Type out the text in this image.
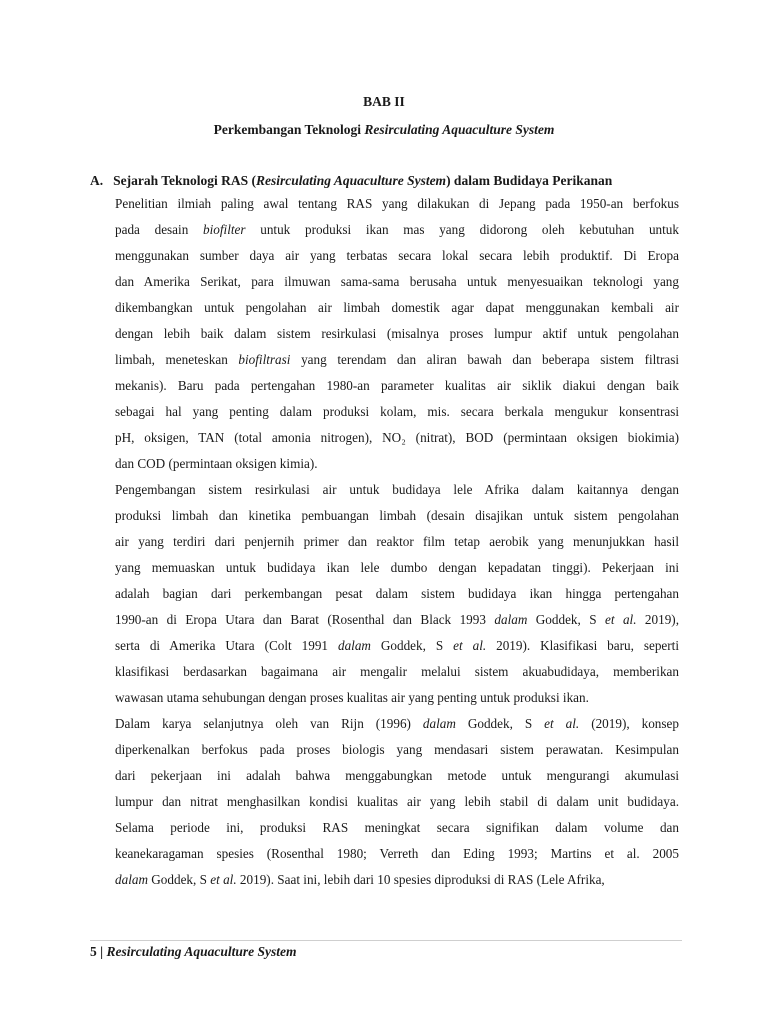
BAB II
Perkembangan Teknologi Resirculating Aquaculture System
A. Sejarah Teknologi RAS (Resirculating Aquaculture System) dalam Budidaya Perikanan
Penelitian ilmiah paling awal tentang RAS yang dilakukan di Jepang pada 1950-an berfokus
pada desain biofilter untuk produksi ikan mas yang didorong oleh kebutuhan untuk
menggunakan sumber daya air yang terbatas secara lokal secara lebih produktif. Di Eropa
dan Amerika Serikat, para ilmuwan sama-sama berusaha untuk menyesuaikan teknologi yang
dikembangkan untuk pengolahan air limbah domestik agar dapat menggunakan kembali air
dengan lebih baik dalam sistem resirkulasi (misalnya proses lumpur aktif untuk pengolahan
limbah, meneteskan biofiltrasi yang terendam dan aliran bawah dan beberapa sistem filtrasi
mekanis). Baru pada pertengahan 1980-an parameter kualitas air siklik diakui dengan baik
sebagai hal yang penting dalam produksi kolam, mis. secara berkala mengukur konsentrasi
pH, oksigen, TAN (total amonia nitrogen), NO₂ (nitrat), BOD (permintaan oksigen biokimia)
dan COD (permintaan oksigen kimia).
Pengembangan sistem resirkulasi air untuk budidaya lele Afrika dalam kaitannya dengan
produksi limbah dan kinetika pembuangan limbah (desain disajikan untuk sistem pengolahan
air yang terdiri dari penjernih primer dan reaktor film tetap aerobik yang menunjukkan hasil
yang memuaskan untuk budidaya ikan lele dumbo dengan kepadatan tinggi). Pekerjaan ini
adalah bagian dari perkembangan pesat dalam sistem budidaya ikan hingga pertengahan
1990-an di Eropa Utara dan Barat (Rosenthal dan Black 1993 dalam Goddek, S et al. 2019),
serta di Amerika Utara (Colt 1991 dalam Goddek, S et al. 2019). Klasifikasi baru, seperti
klasifikasi berdasarkan bagaimana air mengalir melalui sistem akuabudidaya, memberikan
wawasan utama sehubungan dengan proses kualitas air yang penting untuk produksi ikan.
Dalam karya selanjutnya oleh van Rijn (1996) dalam Goddek, S et al. (2019), konsep
diperkenalkan berfokus pada proses biologis yang mendasari sistem perawatan. Kesimpulan
dari pekerjaan ini adalah bahwa menggabungkan metode untuk mengurangi akumulasi
lumpur dan nitrat menghasilkan kondisi kualitas air yang lebih stabil di dalam unit budidaya.
Selama periode ini, produksi RAS meningkat secara signifikan dalam volume dan
keanekaragaman spesies (Rosenthal 1980; Verreth dan Eding 1993; Martins et al. 2005
dalam Goddek, S et al. 2019). Saat ini, lebih dari 10 spesies diproduksi di RAS (Lele Afrika,
5 | Resirculating Aquaculture System
